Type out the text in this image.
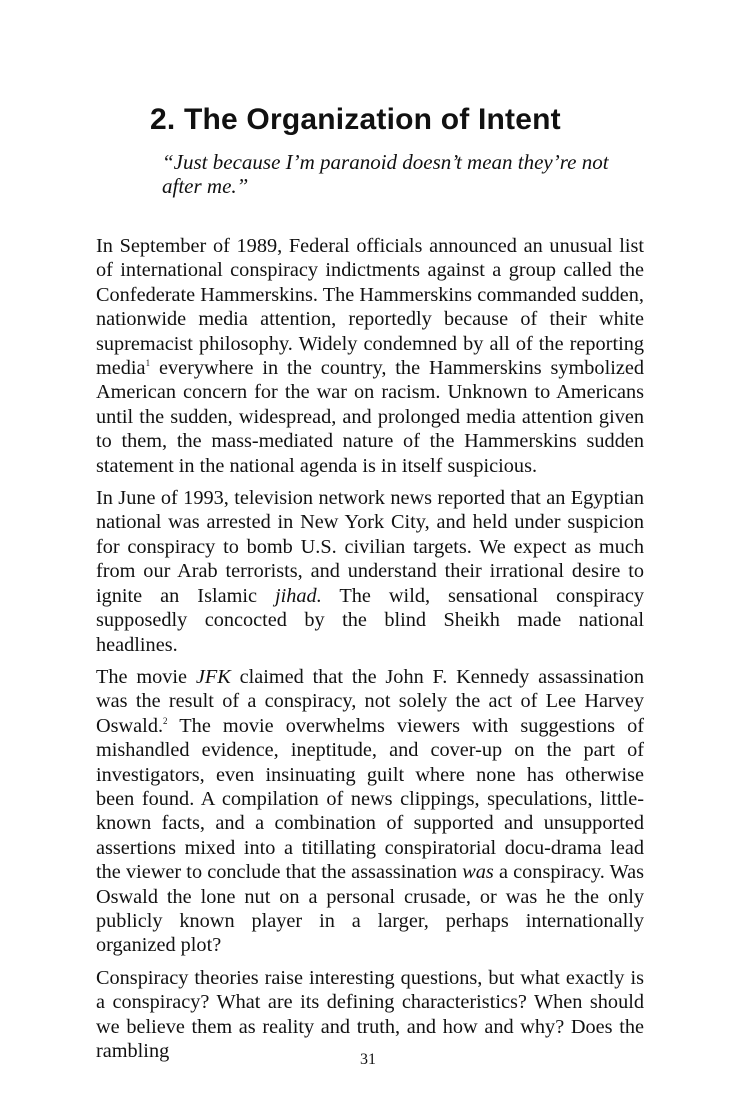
2. The Organization of Intent

“Just because I’m paranoid doesn’t mean they’re not after me.”

In September of 1989, Federal officials announced an unusual list of international conspiracy indictments against a group called the Confederate Hammerskins. The Hammerskins commanded sudden, nationwide media attention, reportedly because of their white supremacist philosophy. Widely condemned by all of the reporting media$^1$ everywhere in the country, the Hammerskins symbolized American concern for the war on racism. Unknown to Americans until the sudden, widespread, and prolonged media attention given to them, the mass-mediated nature of the Hammerskins sudden statement in the national agenda is in itself suspicious.

In June of 1993, television network news reported that an Egyptian national was arrested in New York City, and held under suspicion for conspiracy to bomb U.S. civilian targets. We expect as much from our Arab terrorists, and understand their irrational desire to ignite an Islamic jihad. The wild, sensational conspiracy supposedly concocted by the blind Sheikh made national headlines.

The movie JFK claimed that the John F. Kennedy assassination was the result of a conspiracy, not solely the act of Lee Harvey Oswald.$^2$ The movie overwhelms viewers with suggestions of mishandled evidence, ineptitude, and cover-up on the part of investigators, even insinuating guilt where none has otherwise been found. A compilation of news clippings, speculations, little-known facts, and a combination of supported and unsupported assertions mixed into a titillating conspiratorial docu-drama lead the viewer to conclude that the assassination was a conspiracy. Was Oswald the lone nut on a personal crusade, or was he the only publicly known player in a larger, perhaps internationally organized plot?

Conspiracy theories raise interesting questions, but what exactly is a conspiracy? What are its defining characteristics? When should we believe them as reality and truth, and how and why? Does the rambling	31
